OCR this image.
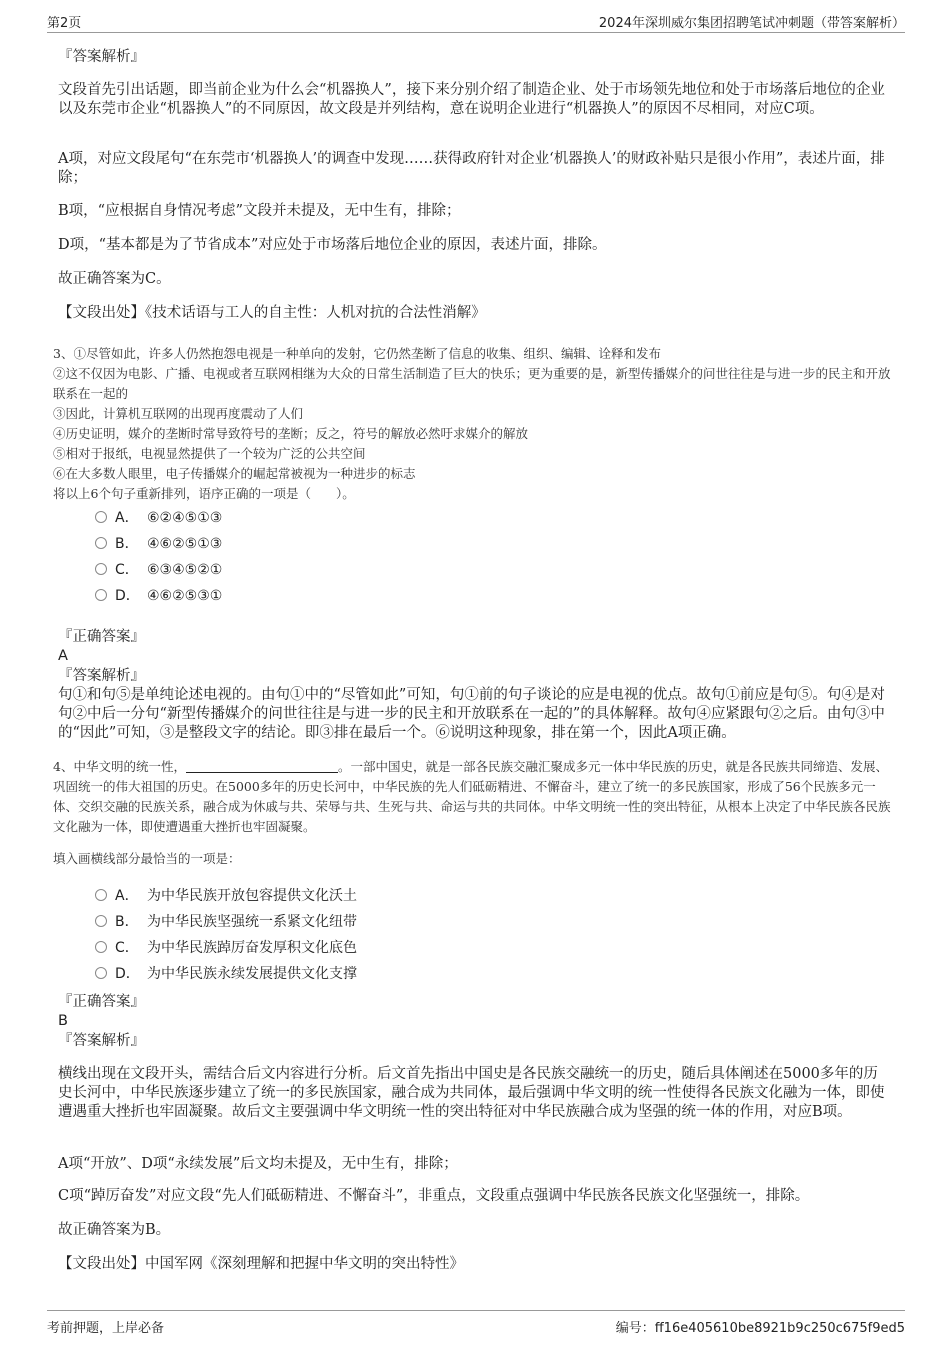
第2页	2024年深圳威尔集团招聘笔试冲刺题（带答案解析）

『答案解析』

文段首先引出话题，即当前企业为什么会“机器换人”，接下来分别介绍了制造企业、处于市场领先地位和处于市场落后地位的企业以及东莞市企业“机器换人”的不同原因，故文段是并列结构，意在说明企业进行“机器换人”的原因不尽相同，对应C项。

A项，对应文段尾句“在东莞市‘机器换人’的调查中发现……获得政府针对企业‘机器换人’的财政补贴只是很小作用”，表述片面，排除；

B项，“应根据自身情况考虑”文段并未提及，无中生有，排除；

D项，“基本都是为了节省成本”对应处于市场落后地位企业的原因，表述片面，排除。

故正确答案为C。

【文段出处】《技术话语与工人的自主性：人机对抗的合法性消解》

3、①尽管如此，许多人仍然抱怨电视是一种单向的发射，它仍然垄断了信息的收集、组织、编辑、诠释和发布

②这不仅因为电影、广播、电视或者互联网相继为大众的日常生活制造了巨大的快乐；更为重要的是，新型传播媒介的问世往往是与进一步的民主和开放联系在一起的

③因此，计算机互联网的出现再度震动了人们

④历史证明，媒介的垄断时常导致符号的垄断；反之，符号的解放必然吁求媒介的解放

⑤相对于报纸，电视显然提供了一个较为广泛的公共空间

⑥在大多数人眼里，电子传播媒介的崛起常被视为一种进步的标志

将以上6个句子重新排列，语序正确的一项是（　　）。

A． ⑥②④⑤①③
B． ④⑥②⑤①③
C． ⑥③④⑤②①
D． ④⑥②⑤③①

『正确答案』

A

『答案解析』

句①和句⑤是单纯论述电视的。由句①中的“尽管如此”可知，句①前的句子谈论的应是电视的优点。故句①前应是句⑤。句④是对句②中后一分句“新型传播媒介的问世往往是与进一步的民主和开放联系在一起的”的具体解释。故句④应紧跟句②之后。由句③中的“因此”可知，③是整段文字的结论。即③排在最后一个。⑥说明这种现象，排在第一个，因此A项正确。

4、中华文明的统一性，	。一部中国史，就是一部各民族交融汇聚成多元一体中华民族的历史，就是各民族共同缔造、发展、巩固统一的伟大祖国的历史。在5000多年的历史长河中，中华民族的先人们砥砺精进、不懈奋斗，建立了统一的多民族国家，形成了56个民族多元一体、交织交融的民族关系，融合成为休戚与共、荣辱与共、生死与共、命运与共的共同体。中华文明统一性的突出特征，从根本上决定了中华民族各民族文化融为一体，即使遭遇重大挫折也牢固凝聚。

填入画横线部分最恰当的一项是：

A． 为中华民族开放包容提供文化沃土
B． 为中华民族坚强统一系紧文化纽带
C． 为中华民族踔厉奋发厚积文化底色
D． 为中华民族永续发展提供文化支撑

『正确答案』

B

『答案解析』

横线出现在文段开头，需结合后文内容进行分析。后文首先指出中国史是各民族交融统一的历史，随后具体阐述在5000多年的历史长河中，中华民族逐步建立了统一的多民族国家，融合成为共同体，最后强调中华文明的统一性使得各民族文化融为一体，即使遭遇重大挫折也牢固凝聚。故后文主要强调中华文明统一性的突出特征对中华民族融合成为坚强的统一体的作用，对应B项。

A项“开放”、D项“永续发展”后文均未提及，无中生有，排除；

C项“踔厉奋发”对应文段“先人们砥砺精进、不懈奋斗”，非重点，文段重点强调中华民族各民族文化坚强统一，排除。

故正确答案为B。

【文段出处】中国军网《深刻理解和把握中华文明的突出特性》

考前押题，上岸必备	编号：ff16e405610be8921b9c250c675f9ed5
